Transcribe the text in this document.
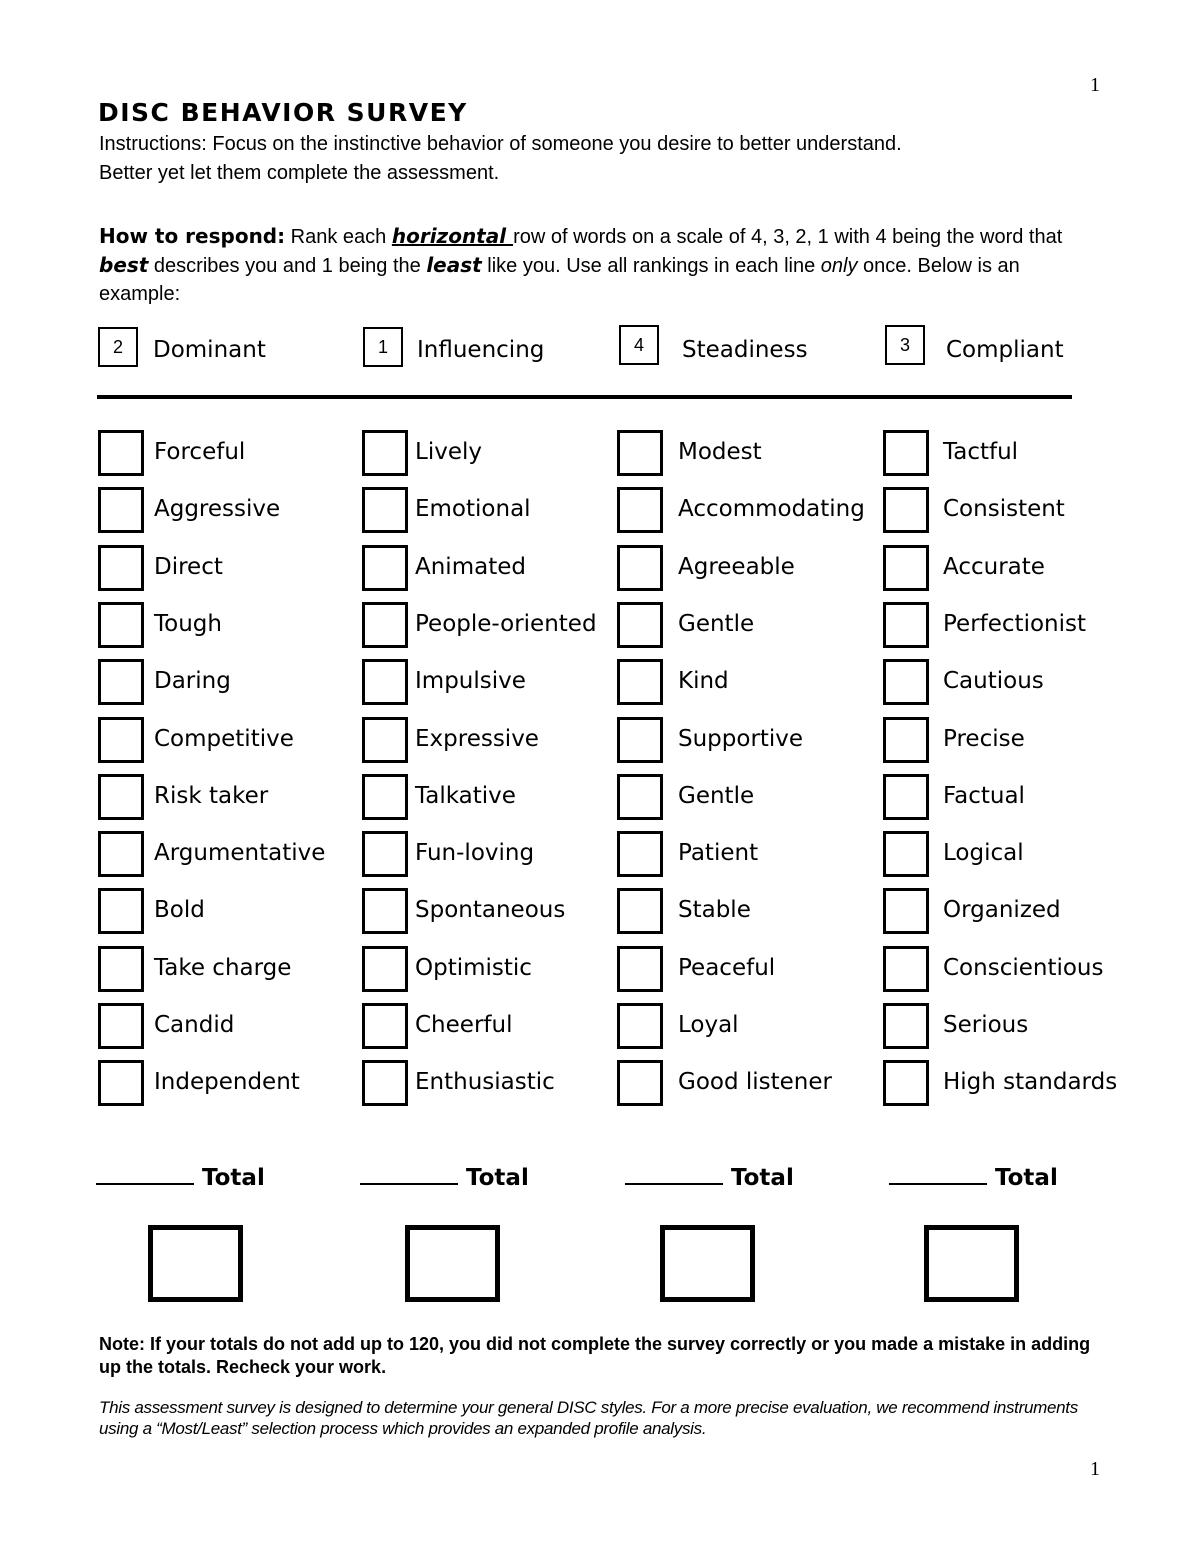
1
DISC BEHAVIOR SURVEY
Instructions: Focus on the instinctive behavior of someone you desire to better understand.
Better yet let them complete the assessment.
How to respond: Rank each horizontal row of words on a scale of 4, 3, 2, 1 with 4 being the word that best describes you and 1 being the least like you. Use all rankings in each line only once. Below is an example:
2	Dominant	1	Influencing	4	Steadiness	3	Compliant
Forceful	Lively	Modest	Tactful
Aggressive	Emotional	Accommodating	Consistent
Direct	Animated	Agreeable	Accurate
Tough	People-oriented	Gentle	Perfectionist
Daring	Impulsive	Kind	Cautious
Competitive	Expressive	Supportive	Precise
Risk taker	Talkative	Gentle	Factual
Argumentative	Fun-loving	Patient	Logical
Bold	Spontaneous	Stable	Organized
Take charge	Optimistic	Peaceful	Conscientious
Candid	Cheerful	Loyal	Serious
Independent	Enthusiastic	Good listener	High standards
Total	Total	Total	Total
Note: If your totals do not add up to 120, you did not complete the survey correctly or you made a mistake in adding up the totals. Recheck your work.
This assessment survey is designed to determine your general DISC styles. For a more precise evaluation, we recommend instruments using a “Most/Least” selection process which provides an expanded profile analysis.
1
